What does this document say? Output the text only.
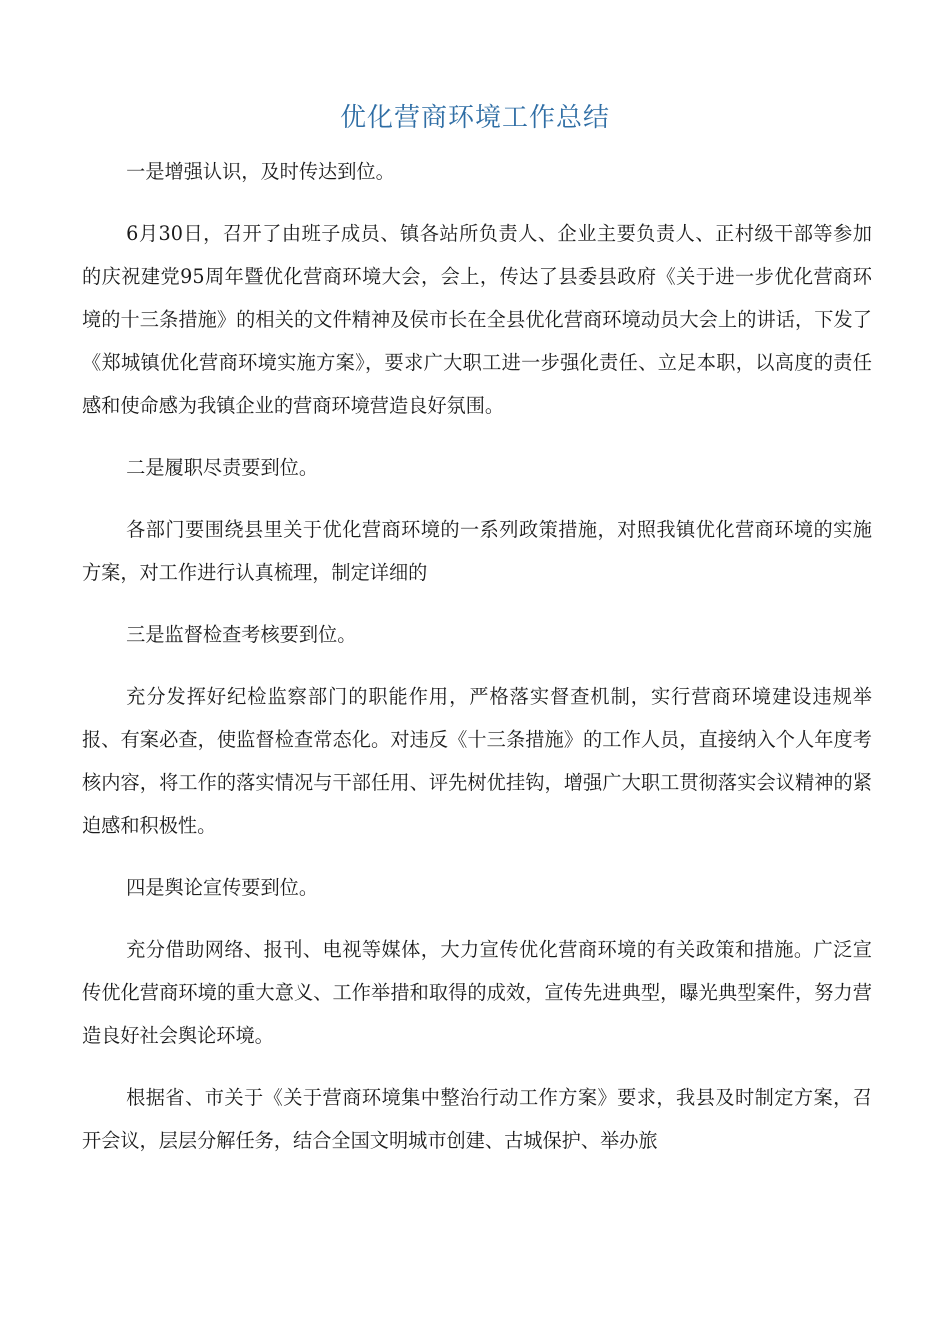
优化营商环境工作总结

一是增强认识，及时传达到位。

6月30日，召开了由班子成员、镇各站所负责人、企业主要负责人、正村级干部等参加的庆祝建党95周年暨优化营商环境大会，会上，传达了县委县政府《关于进一步优化营商环境的十三条措施》的相关的文件精神及侯市长在全县优化营商环境动员大会上的讲话，下发了《郑城镇优化营商环境实施方案》，要求广大职工进一步强化责任、立足本职，以高度的责任感和使命感为我镇企业的营商环境营造良好氛围。

二是履职尽责要到位。

各部门要围绕县里关于优化营商环境的一系列政策措施，对照我镇优化营商环境的实施方案，对工作进行认真梳理，制定详细的

三是监督检查考核要到位。

充分发挥好纪检监察部门的职能作用，严格落实督查机制，实行营商环境建设违规举报、有案必查，使监督检查常态化。对违反《十三条措施》的工作人员，直接纳入个人年度考核内容，将工作的落实情况与干部任用、评先树优挂钩，增强广大职工贯彻落实会议精神的紧迫感和积极性。

四是舆论宣传要到位。

充分借助网络、报刊、电视等媒体，大力宣传优化营商环境的有关政策和措施。广泛宣传优化营商环境的重大意义、工作举措和取得的成效，宣传先进典型，曝光典型案件，努力营造良好社会舆论环境。

根据省、市关于《关于营商环境集中整治行动工作方案》要求，我县及时制定方案，召开会议，层层分解任务，结合全国文明城市创建、古城保护、举办旅
